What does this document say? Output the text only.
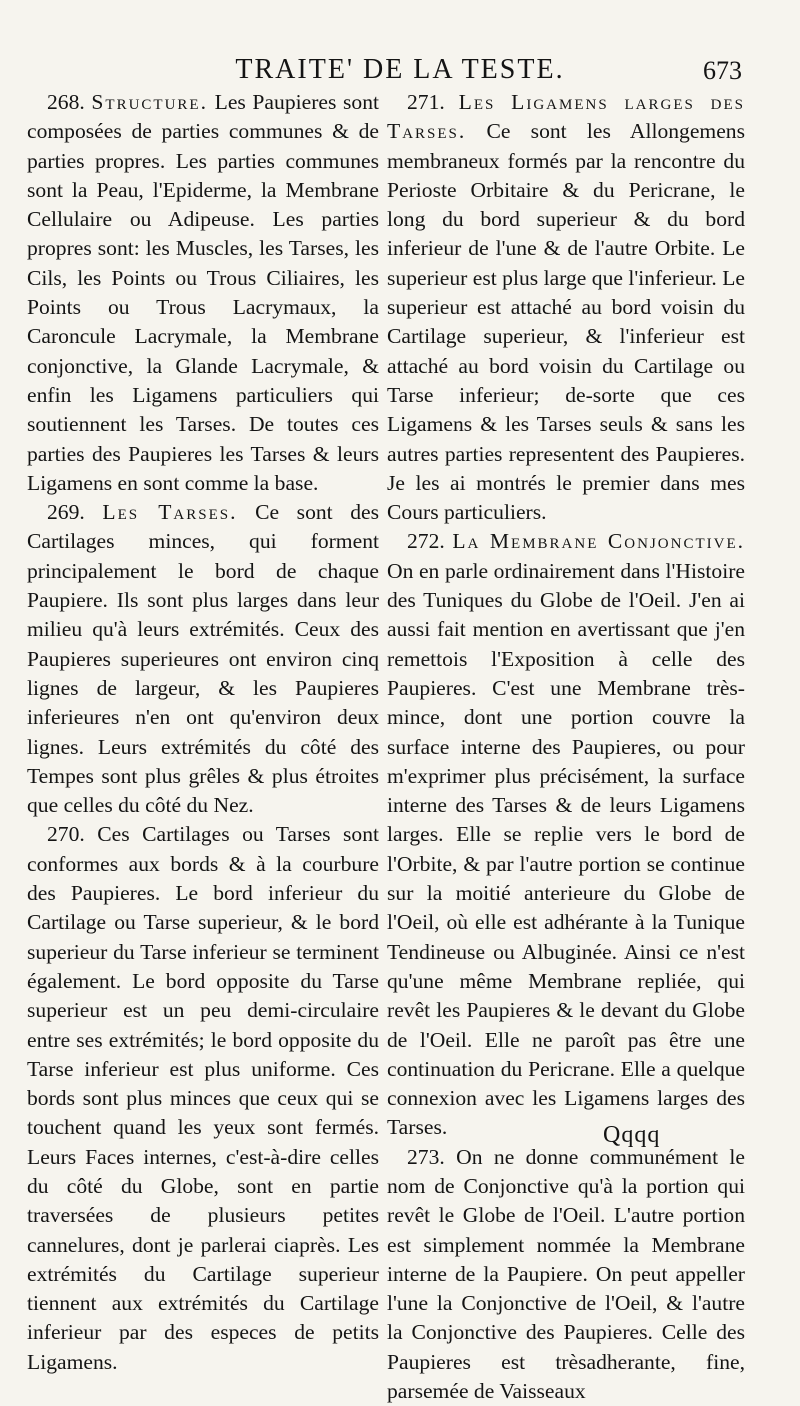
TRAITE' DE LA TESTE.	673

268. Structure. Les Paupieres sont composées de parties communes & de parties propres. Les parties communes sont la Peau, l'Epiderme, la Membrane Cellulaire ou Adipeuse. Les parties propres sont: les Muscles, les Tarses, les Cils, les Points ou Trous Ciliaires, les Points ou Trous Lacrymaux, la Caroncule Lacrymale, la Membrane conjonctive, la Glande Lacrymale, & enfin les Ligamens particuliers qui soutiennent les Tarses. De toutes ces parties des Paupieres les Tarses & leurs Ligamens en sont comme la base.

269. Les Tarses. Ce sont des Cartilages minces, qui forment principalement le bord de chaque Paupiere. Ils sont plus larges dans leur milieu qu'à leurs extrémités. Ceux des Paupieres superieures ont environ cinq lignes de largeur, & les Paupieres inferieures n'en ont qu'environ deux lignes. Leurs extrémités du côté des Tempes sont plus grêles & plus étroites que celles du côté du Nez.

270. Ces Cartilages ou Tarses sont conformes aux bords & à la courbure des Paupieres. Le bord inferieur du Cartilage ou Tarse superieur, & le bord superieur du Tarse inferieur se terminent également. Le bord opposite du Tarse superieur est un peu demi-circulaire entre ses extrémités; le bord opposite du Tarse inferieur est plus uniforme. Ces bords sont plus minces que ceux qui se touchent quand les yeux sont fermés. Leurs Faces internes, c'est-à-dire celles du côté du Globe, sont en partie traversées de plusieurs petites cannelures, dont je parlerai ciaprès. Les extrémités du Cartilage superieur tiennent aux extrémités du Cartilage inferieur par des especes de petits Ligamens.

271. Les Ligamens larges des Tarses. Ce sont les Allongemens membraneux formés par la rencontre du Perioste Orbitaire & du Pericrane, le long du bord superieur & du bord inferieur de l'une & de l'autre Orbite. Le superieur est plus large que l'inferieur. Le superieur est attaché au bord voisin du Cartilage superieur, & l'inferieur est attaché au bord voisin du Cartilage ou Tarse inferieur; de-sorte que ces Ligamens & les Tarses seuls & sans les autres parties representent des Paupieres. Je les ai montrés le premier dans mes Cours particuliers.

272. La Membrane Conjonctive. On en parle ordinairement dans l'Histoire des Tuniques du Globe de l'Oeil. J'en ai aussi fait mention en avertissant que j'en remettois l'Exposition à celle des Paupieres. C'est une Membrane très-mince, dont une portion couvre la surface interne des Paupieres, ou pour m'exprimer plus précisément, la surface interne des Tarses & de leurs Ligamens larges. Elle se replie vers le bord de l'Orbite, & par l'autre portion se continue sur la moitié anterieure du Globe de l'Oeil, où elle est adhérante à la Tunique Tendineuse ou Albuginée. Ainsi ce n'est qu'une même Membrane repliée, qui revêt les Paupieres & le devant du Globe de l'Oeil. Elle ne paroît pas être une continuation du Pericrane. Elle a quelque connexion avec les Ligamens larges des Tarses.

273. On ne donne communément le nom de Conjonctive qu'à la portion qui revêt le Globe de l'Oeil. L'autre portion est simplement nommée la Membrane interne de la Paupiere. On peut appeller l'une la Conjonctive de l'Oeil, & l'autre la Conjonctive des Paupieres. Celle des Paupieres est trèsadherante, fine, parsemée de Vaisseaux

Qqqq
